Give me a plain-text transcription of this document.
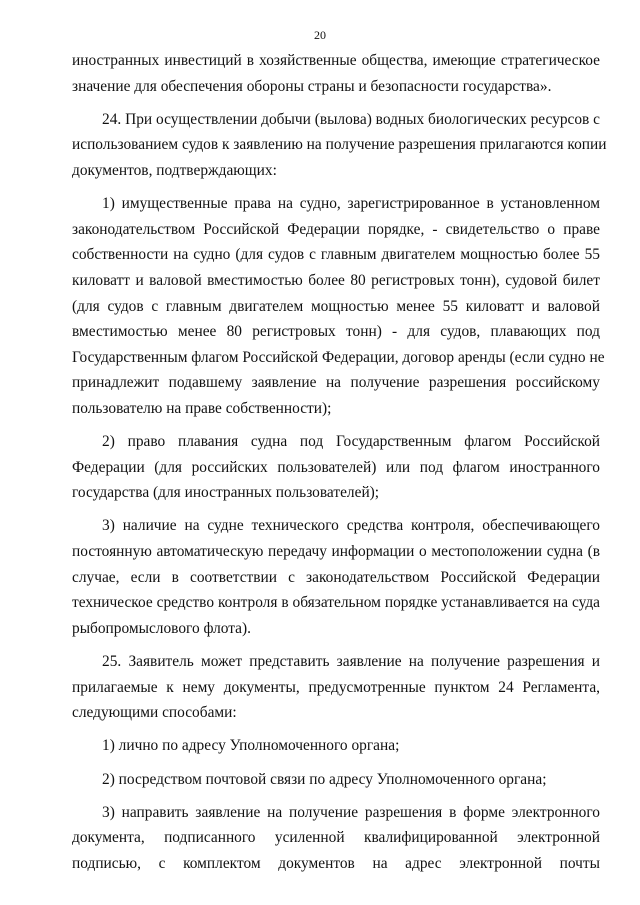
20
иностранных инвестиций в хозяйственные общества, имеющие стратегическое
значение для обеспечения обороны страны и безопасности государства».
24. При осуществлении добычи (вылова) водных биологических ресурсов с
использованием судов к заявлению на получение разрешения прилагаются копии
документов, подтверждающих:
1) имущественные права на судно, зарегистрированное в установленном
законодательством Российской Федерации порядке, - свидетельство о праве
собственности на судно (для судов с главным двигателем мощностью более 55
киловатт и валовой вместимостью более 80 регистровых тонн), судовой билет
(для судов с главным двигателем мощностью менее 55 киловатт и валовой
вместимостью менее 80 регистровых тонн) - для судов, плавающих под
Государственным флагом Российской Федерации, договор аренды (если судно не
принадлежит подавшему заявление на получение разрешения российскому
пользователю на праве собственности);
2) право плавания судна под Государственным флагом Российской
Федерации (для российских пользователей) или под флагом иностранного
государства (для иностранных пользователей);
3) наличие на судне технического средства контроля, обеспечивающего
постоянную автоматическую передачу информации о местоположении судна (в
случае, если в соответствии с законодательством Российской Федерации
техническое средство контроля в обязательном порядке устанавливается на суда
рыбопромыслового флота).
25. Заявитель может представить заявление на получение разрешения и
прилагаемые к нему документы, предусмотренные пунктом 24 Регламента,
следующими способами:
1) лично по адресу Уполномоченного органа;
2) посредством почтовой связи по адресу Уполномоченного органа;
3) направить заявление на получение разрешения в форме электронного
документа, подписанного усиленной квалифицированной электронной
подписью, с комплектом документов на адрес электронной почты
